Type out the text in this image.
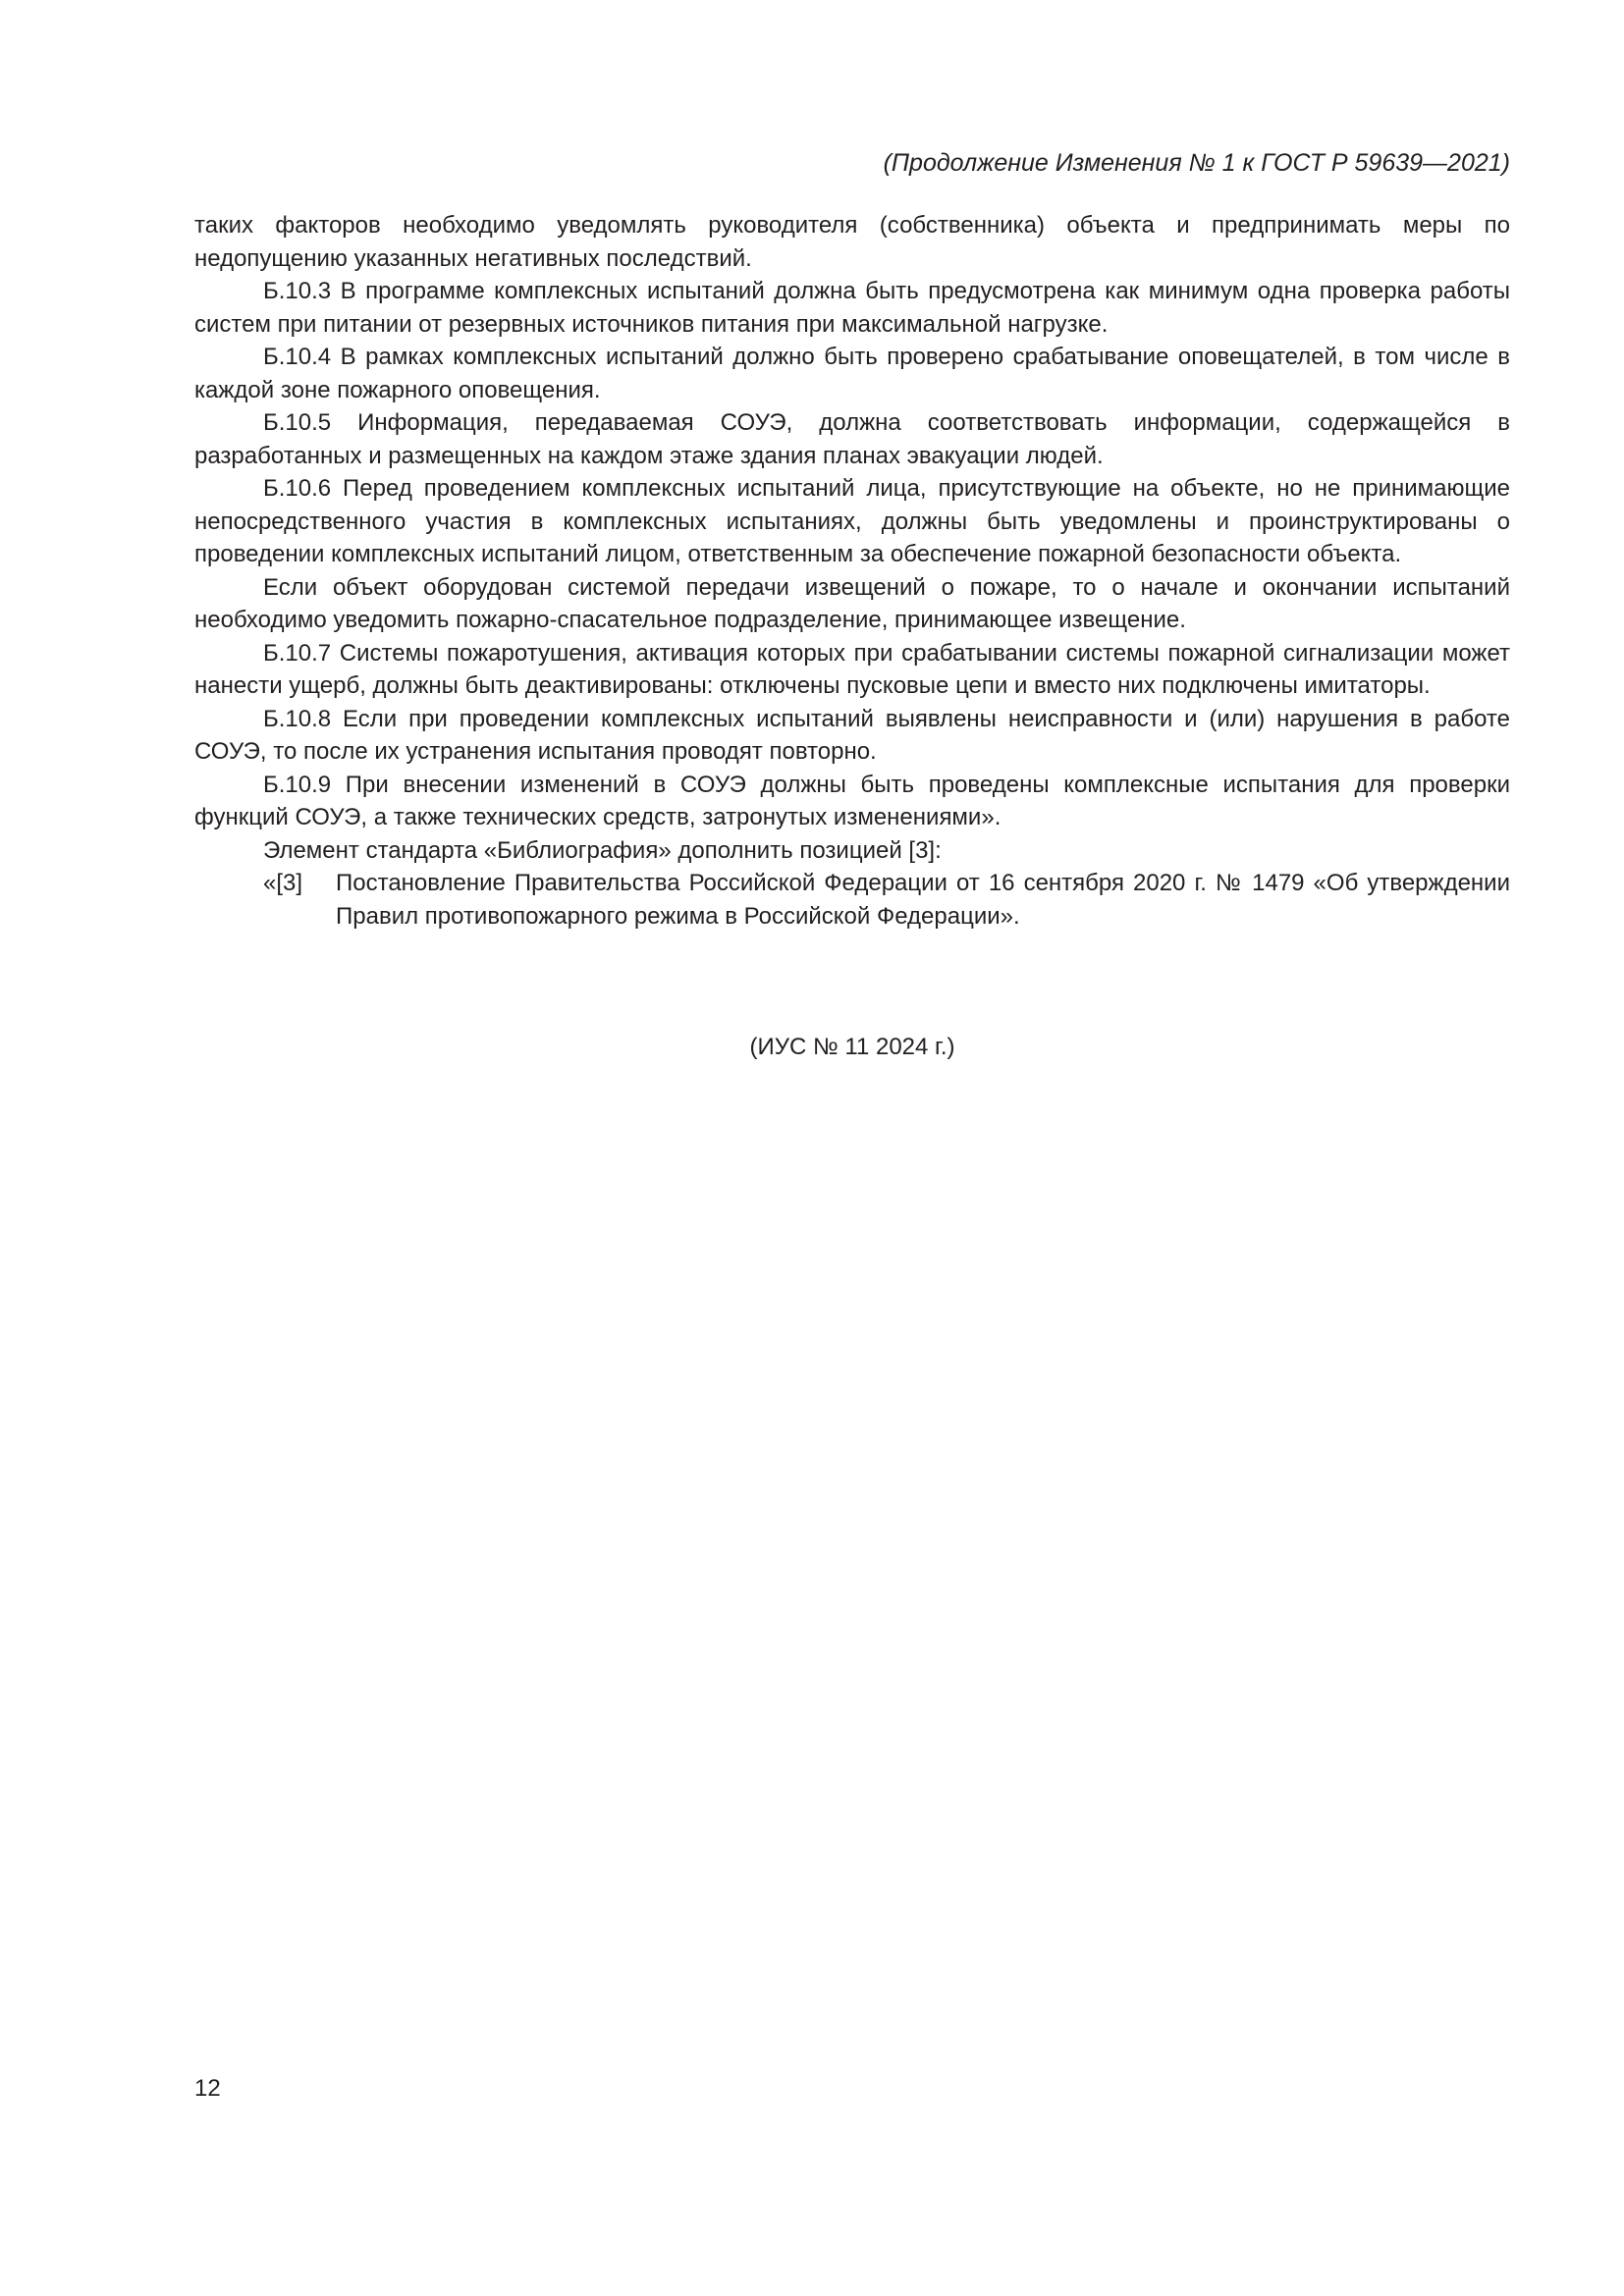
(Продолжение Изменения № 1 к ГОСТ Р 59639—2021)

таких факторов необходимо уведомлять руководителя (собственника) объекта и предпринимать меры по недопущению указанных негативных последствий.

Б.10.3 В программе комплексных испытаний должна быть предусмотрена как минимум одна проверка работы систем при питании от резервных источников питания при максимальной нагрузке.

Б.10.4 В рамках комплексных испытаний должно быть проверено срабатывание оповещателей, в том числе в каждой зоне пожарного оповещения.

Б.10.5 Информация, передаваемая СОУЭ, должна соответствовать информации, содержащейся в разработанных и размещенных на каждом этаже здания планах эвакуации людей.

Б.10.6 Перед проведением комплексных испытаний лица, присутствующие на объекте, но не принимающие непосредственного участия в комплексных испытаниях, должны быть уведомлены и проинструктированы о проведении комплексных испытаний лицом, ответственным за обеспечение пожарной безопасности объекта.

Если объект оборудован системой передачи извещений о пожаре, то о начале и окончании испытаний необходимо уведомить пожарно-спасательное подразделение, принимающее извещение.

Б.10.7 Системы пожаротушения, активация которых при срабатывании системы пожарной сигнализации может нанести ущерб, должны быть деактивированы: отключены пусковые цепи и вместо них подключены имитаторы.

Б.10.8 Если при проведении комплексных испытаний выявлены неисправности и (или) нарушения в работе СОУЭ, то после их устранения испытания проводят повторно.

Б.10.9 При внесении изменений в СОУЭ должны быть проведены комплексные испытания для проверки функций СОУЭ, а также технических средств, затронутых изменениями».

Элемент стандарта «Библиография» дополнить позицией [3]:

«[3]	Постановление Правительства Российской Федерации от 16 сентября 2020 г. № 1479 «Об утверждении Правил противопожарного режима в Российской Федерации».

(ИУС № 11 2024 г.)
12
